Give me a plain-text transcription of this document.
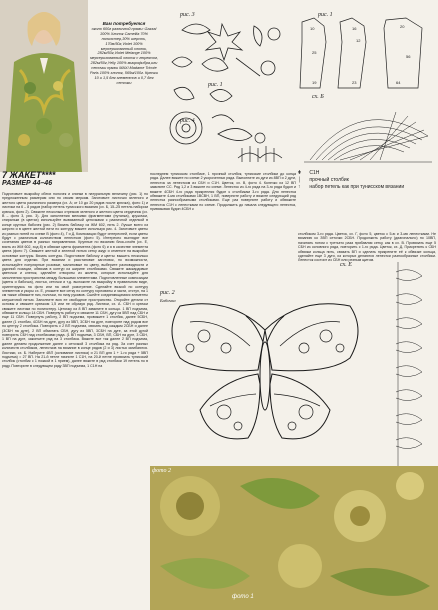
Вам потребуется
около 600г различной пряжи: Gazzal 100% Хлопок Camellia 70% полиэстер,30% шерсть, 170м/50г,Violet 100% мерсеризованный хлопок, 282м/50г,Violet Melange 100% мерсеризованный хлопок с люрексом, 282м/50г,Yelly 100% микрофибра,или сеточки пряжи MAXI Madame Tricote Paris 100% хлопок, 565м/100г. Крючки 10 и 1,5 для элементов и 0,7 для сеточки
рис. 3
рис. 1
рис. 4
рис. 1
10
25
16
12
20
56
19	64
23
сх. Б
7 ЖАКЕТ****
РАЗМЕР 44–46
Подготовьте выкройку обеих полочек и спинки в натуральную величину (рис. 1) по предложенным размерам или по своим меркам. Заготовьте листочки зеленого и желтого цвета различного размера (сх. А; от 10 до 20 рядов после крючка), фото 1) и листики на 6 – 8 рядов (набор петель тунисского вязания (сх. Б, 15–25 петель набором крючка, фото 2). Свяжите несколько отрезков зеленого и желтого цвета сердечник (сх. В – фото 3, рис. 3). Для заполнения мелкими фрагментами (путанка), кружочки, спиральки (в цветах) используйте вывязанный цепочками с различной отделкой в конце круглых бабочек (рис. 2) Вязать бабочку из ЖМ 602, нить 2. Лучше всего из шерсти и в цвете желтой нити по контуру вяжите используя рис. 4. Заготовьте цветы из разных нитей по схеме В (фото 4), Г и Д. Композиции будут интересней, если цветы будут с различным количеством лепестков (фото 5). Интересно выглядят все сочетания цветов в разных направлениях. Крупные по вязанию блок-слоёв (сх. Е, взять из ЖМ 602, ход 8) в обвязке цвета фрагмента (фото 6) и я в качестве элемента цвета (фото 7). Свяжите желтой и зеленой нитью сетку ажур и отметьте на выкройке основные контуры. Вязать контуры. Подготовьте бабочку и цветы: вышить несколько цвета для отделки. При вязании и расстановке заготовок, по возможности, используйте популярные розовые, малиновые по цвету, выберите разновидности и удачной позиции, обвязав в контур из ширине столбиками. Свяжите жаккардовые цветочки и кленок, сделайте отвороты из жилета, которые используйте для заполнения пространства между большими элементами. Подготовленные композиции (цветы и бабочка), листья, сеточки и т.д. выложите на выкройку в правильном виде, ориентируясь на фото или на своё усмотрение. Сделайте вязкой по контуру элементов и узоры сх. Е, уложите все сетку по контуру горловины и части, отступ, на 1 см также обвяжите низ, полочки, по низу рукавов. Сшейте соединяющимися элементы катушечной нитью. Заполните всю ее свободное пространство. Откройте детали от основы и свяжите крючком 1,5 или не образуя ряд. Листики, сх. А. СБН и крючки свяжите листики по полиэстеру. Цепочку из 8 ВП замкните в кольцо. 1 ВП подъема, обвяжите кольцо 14 СБН. Повернуть работу и свяжите 11 СБН, дугу из 5ВП над СБН и еще 11 СБН. Повернуть работу, 2 ВП подъема, провяжите 1 столбик, далее 5СБН, далее (1 столбик, 4СБН на дуге, дугу из 5ВП, 3СБН на дуге, повторите над рядом все по центру 2 столбика. Повторить с 2 ВП подъема, связать под каждым 2СБН и далее (3СБН на дуге), 2 ВП обмотать СБН, дугу из 5ВП, 3СБН на дуге, за этой дугой повторить СБН над столбиками ряда. (1 ВП подъема, 3 СБН, ВП, СБН на дуге, 3 СБН, 1 ВП на дуге, закончите ряд на 3 столбика. Вяжите все так далее 2 ВП подъема, далее делаем продолжение далее с сеточкой 3 столбика на ряд. За счет разных количеств столбиков, лепестков на вязание в конце рядов (2 и 3) листья загибаются. Листики, сх. Б. Наберите 4ВП (основание листика) и 21 ВП для 1 + 1-го ряда + 5ВП подъема) = 27 ВП. На 21-й петле начните 1 С1Н, на 20-й петле провязать тунисский столбик (столбик с 1 ножкой в 1 прием), далее вяжите в ряд столбики 19 петель по в ряду. Повторите в следующем ряду 3ВП подъема, 1 С1Н на
последнем тунисском столбике, 1 прочный столбик, тунисские столбики до конца ряда. Далее вяжите по схеме 2 укороченных ряда. Выполните из дуги из 8ВП и 2 дуги, лепесток за лепестком из СБН и С1Н. Цветок, сх. В, фото 4. Колечко из 12 ВП замкните СС. Ряд 1,2 и 3 вяжите по схеме. Лепесток из 4-го ряда на 3-го ряда будон и вяжите 4СБН 4-го ряда прикрепляя будон к столбикам 3-го ряда. Для лепестка обвяжите 4-мя столбиками 1ВСВН, 1 ВП, поверните работу и вяжите следующий ряд лепестка разнообразными столбиками. Еще раз поверните работу и обвяжите лепесток С1Н с лепестками по схеме. Продолжить до начала следующего лепестка, привязывая будон 4СБН к
ǂ С1Н
│ прочный столбик
↑ набор петель как при тунисском вязании
столбиком 3-го ряда. Цветок, сх. Г, фото 5, цветок с 5-ю и 3-мя лепестками. Не вязанию ко ЗВП сеточки 2СБН. Продолжить работу (диагонально) по 10ВП, начинать потом с третьего раза прибавляя сетку, как в сх. В. Провязать еще 5 СБН из основного ряда, повторить с 1-го ряда. Цветок, сх. Д. Прикрепить к СБН обвязки кольца нить, связать ВП и сделать прикрепите её к обвязке кольца, сделайте еще 3 дуги, из которых делаются лепестки разнообразные столбики. Лепесток состоит из СБН или резным щитом.
сх. Е
рис. 2
Бабочка
фото 2
фото 1
